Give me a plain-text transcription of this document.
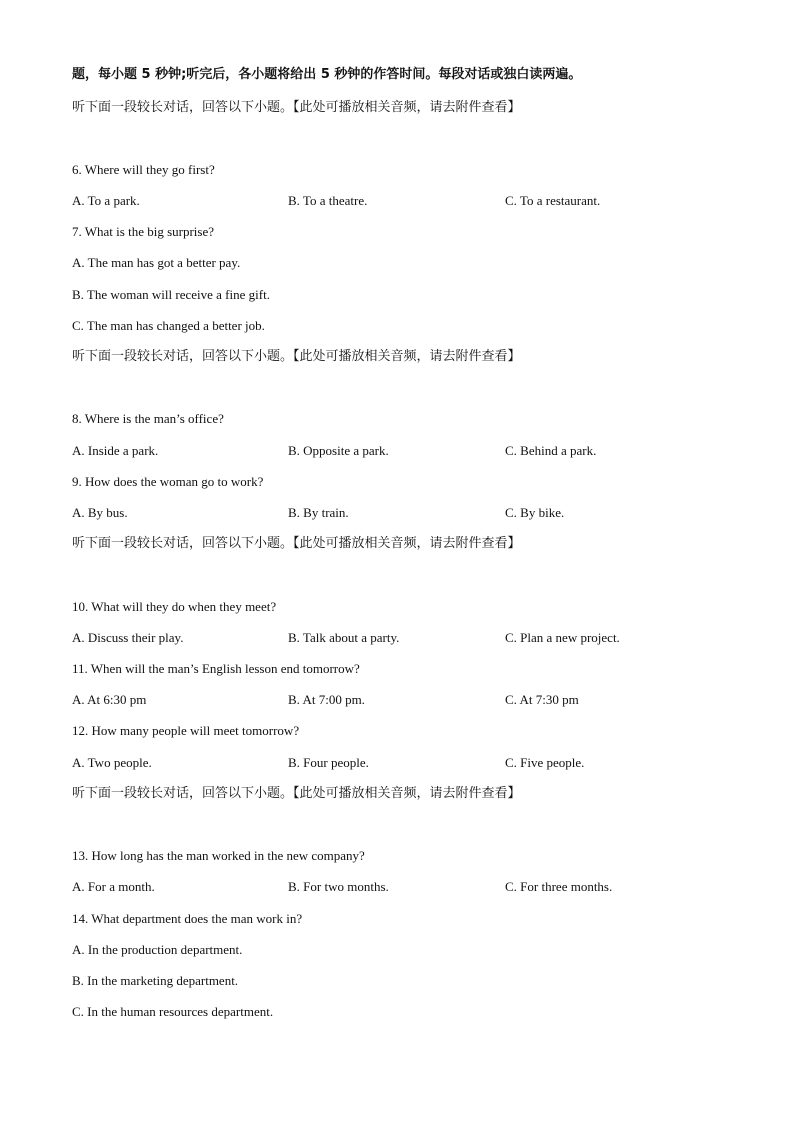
题，每小题 5 秒钟;听完后，各小题将给出 5 秒钟的作答时间。每段对话或独白读两遍。
听下面一段较长对话，回答以下小题。【此处可播放相关音频，请去附件查看】
6. Where will they go first?
A. To a park.	B. To a theatre.	C. To a restaurant.
7. What is the big surprise?
A. The man has got a better pay.
B. The woman will receive a fine gift.
C. The man has changed a better job.
听下面一段较长对话，回答以下小题。【此处可播放相关音频，请去附件查看】
8. Where is the man’s office?
A. Inside a park.	B. Opposite a park.	C. Behind a park.
9. How does the woman go to work?
A. By bus.	B. By train.	C. By bike.
听下面一段较长对话，回答以下小题。【此处可播放相关音频，请去附件查看】
10. What will they do when they meet?
A. Discuss their play.	B. Talk about a party.	C. Plan a new project.
11. When will the man’s English lesson end tomorrow?
A. At 6:30 pm	B. At 7:00 pm.	C. At 7:30 pm
12. How many people will meet tomorrow?
A. Two people.	B. Four people.	C. Five people.
听下面一段较长对话，回答以下小题。【此处可播放相关音频，请去附件查看】
13. How long has the man worked in the new company?
A. For a month.	B. For two months.	C. For three months.
14. What department does the man work in?
A. In the production department.
B. In the marketing department.
C. In the human resources department.
